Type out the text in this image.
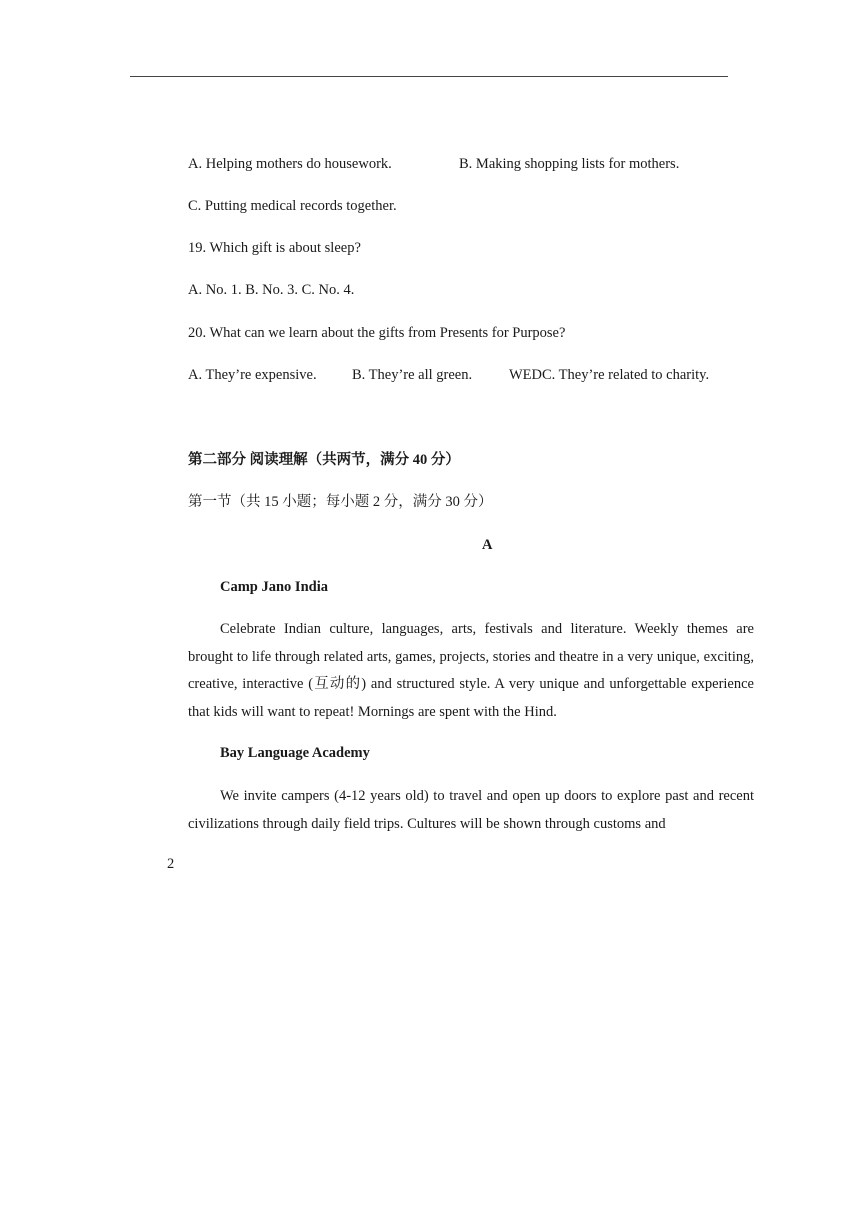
A. Helping mothers do housework.	B. Making shopping lists for mothers.
C. Putting medical records together.
19. Which gift is about sleep?
A. No. 1. B. No. 3. C. No. 4.
20. What can we learn about the gifts from Presents for Purpose?
A. They’re expensive. B. They’re all green.	WEDC. They’re related to charity.
第二部分 阅读理解（共两节，满分 40 分）
第一节（共 15 小题；每小题 2 分，满分 30 分）
A
Camp Jano India
Celebrate Indian culture, languages, arts, festivals and literature. Weekly themes are brought to life through related arts, games, projects, stories and theatre in a very unique, exciting, creative, interactive (互动的) and structured style. A very unique and unforgettable experience that kids will want to repeat! Mornings are spent with the Hind.
Bay Language Academy
We invite campers (4-12 years old) to travel and open up doors to explore past and recent civilizations through daily field trips. Cultures will be shown through customs and
2
